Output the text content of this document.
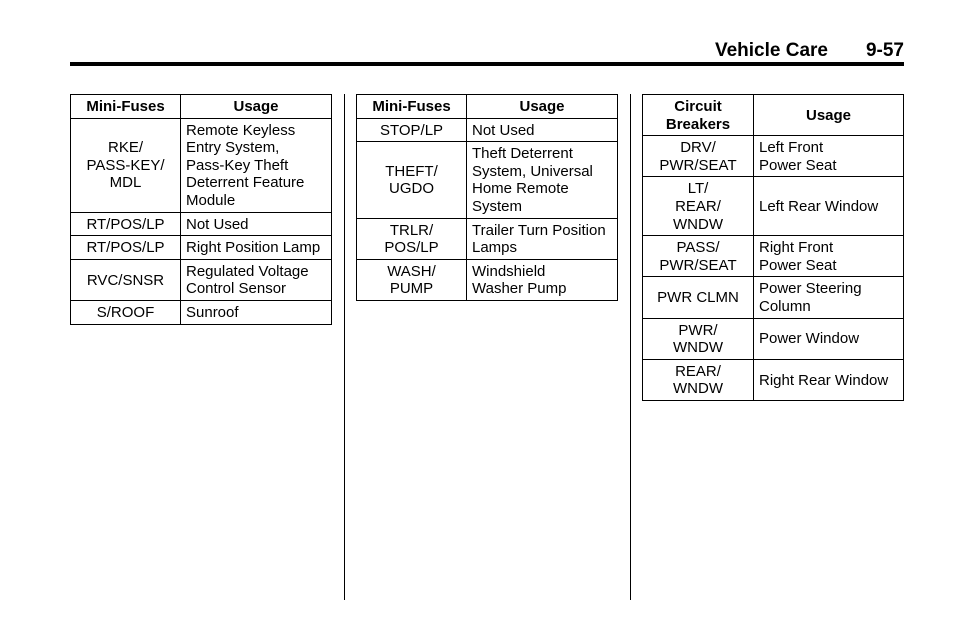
Vehicle Care 9-57
Mini-Fuses	Usage

RKE/
PASS-KEY/
MDL	Remote Keyless
Entry System,
Pass-Key Theft
Deterrent Feature
Module

RT/POS/LP	Not Used

RT/POS/LP	Right Position Lamp

RVC/SNSR	Regulated Voltage
Control Sensor

S/ROOF	Sunroof
Mini-Fuses	Usage

STOP/LP	Not Used

THEFT/
UGDO	Theft Deterrent
System, Universal
Home Remote
System

TRLR/
POS/LP	Trailer Turn Position
Lamps

WASH/
PUMP	Windshield
Washer Pump
Circuit
Breakers	Usage

DRV/
PWR/SEAT	Left Front
Power Seat

LT/
REAR/
WNDW	Left Rear Window

PASS/
PWR/SEAT	Right Front
Power Seat

PWR CLMN	Power Steering
Column

PWR/
WNDW	Power Window

REAR/
WNDW	Right Rear Window
